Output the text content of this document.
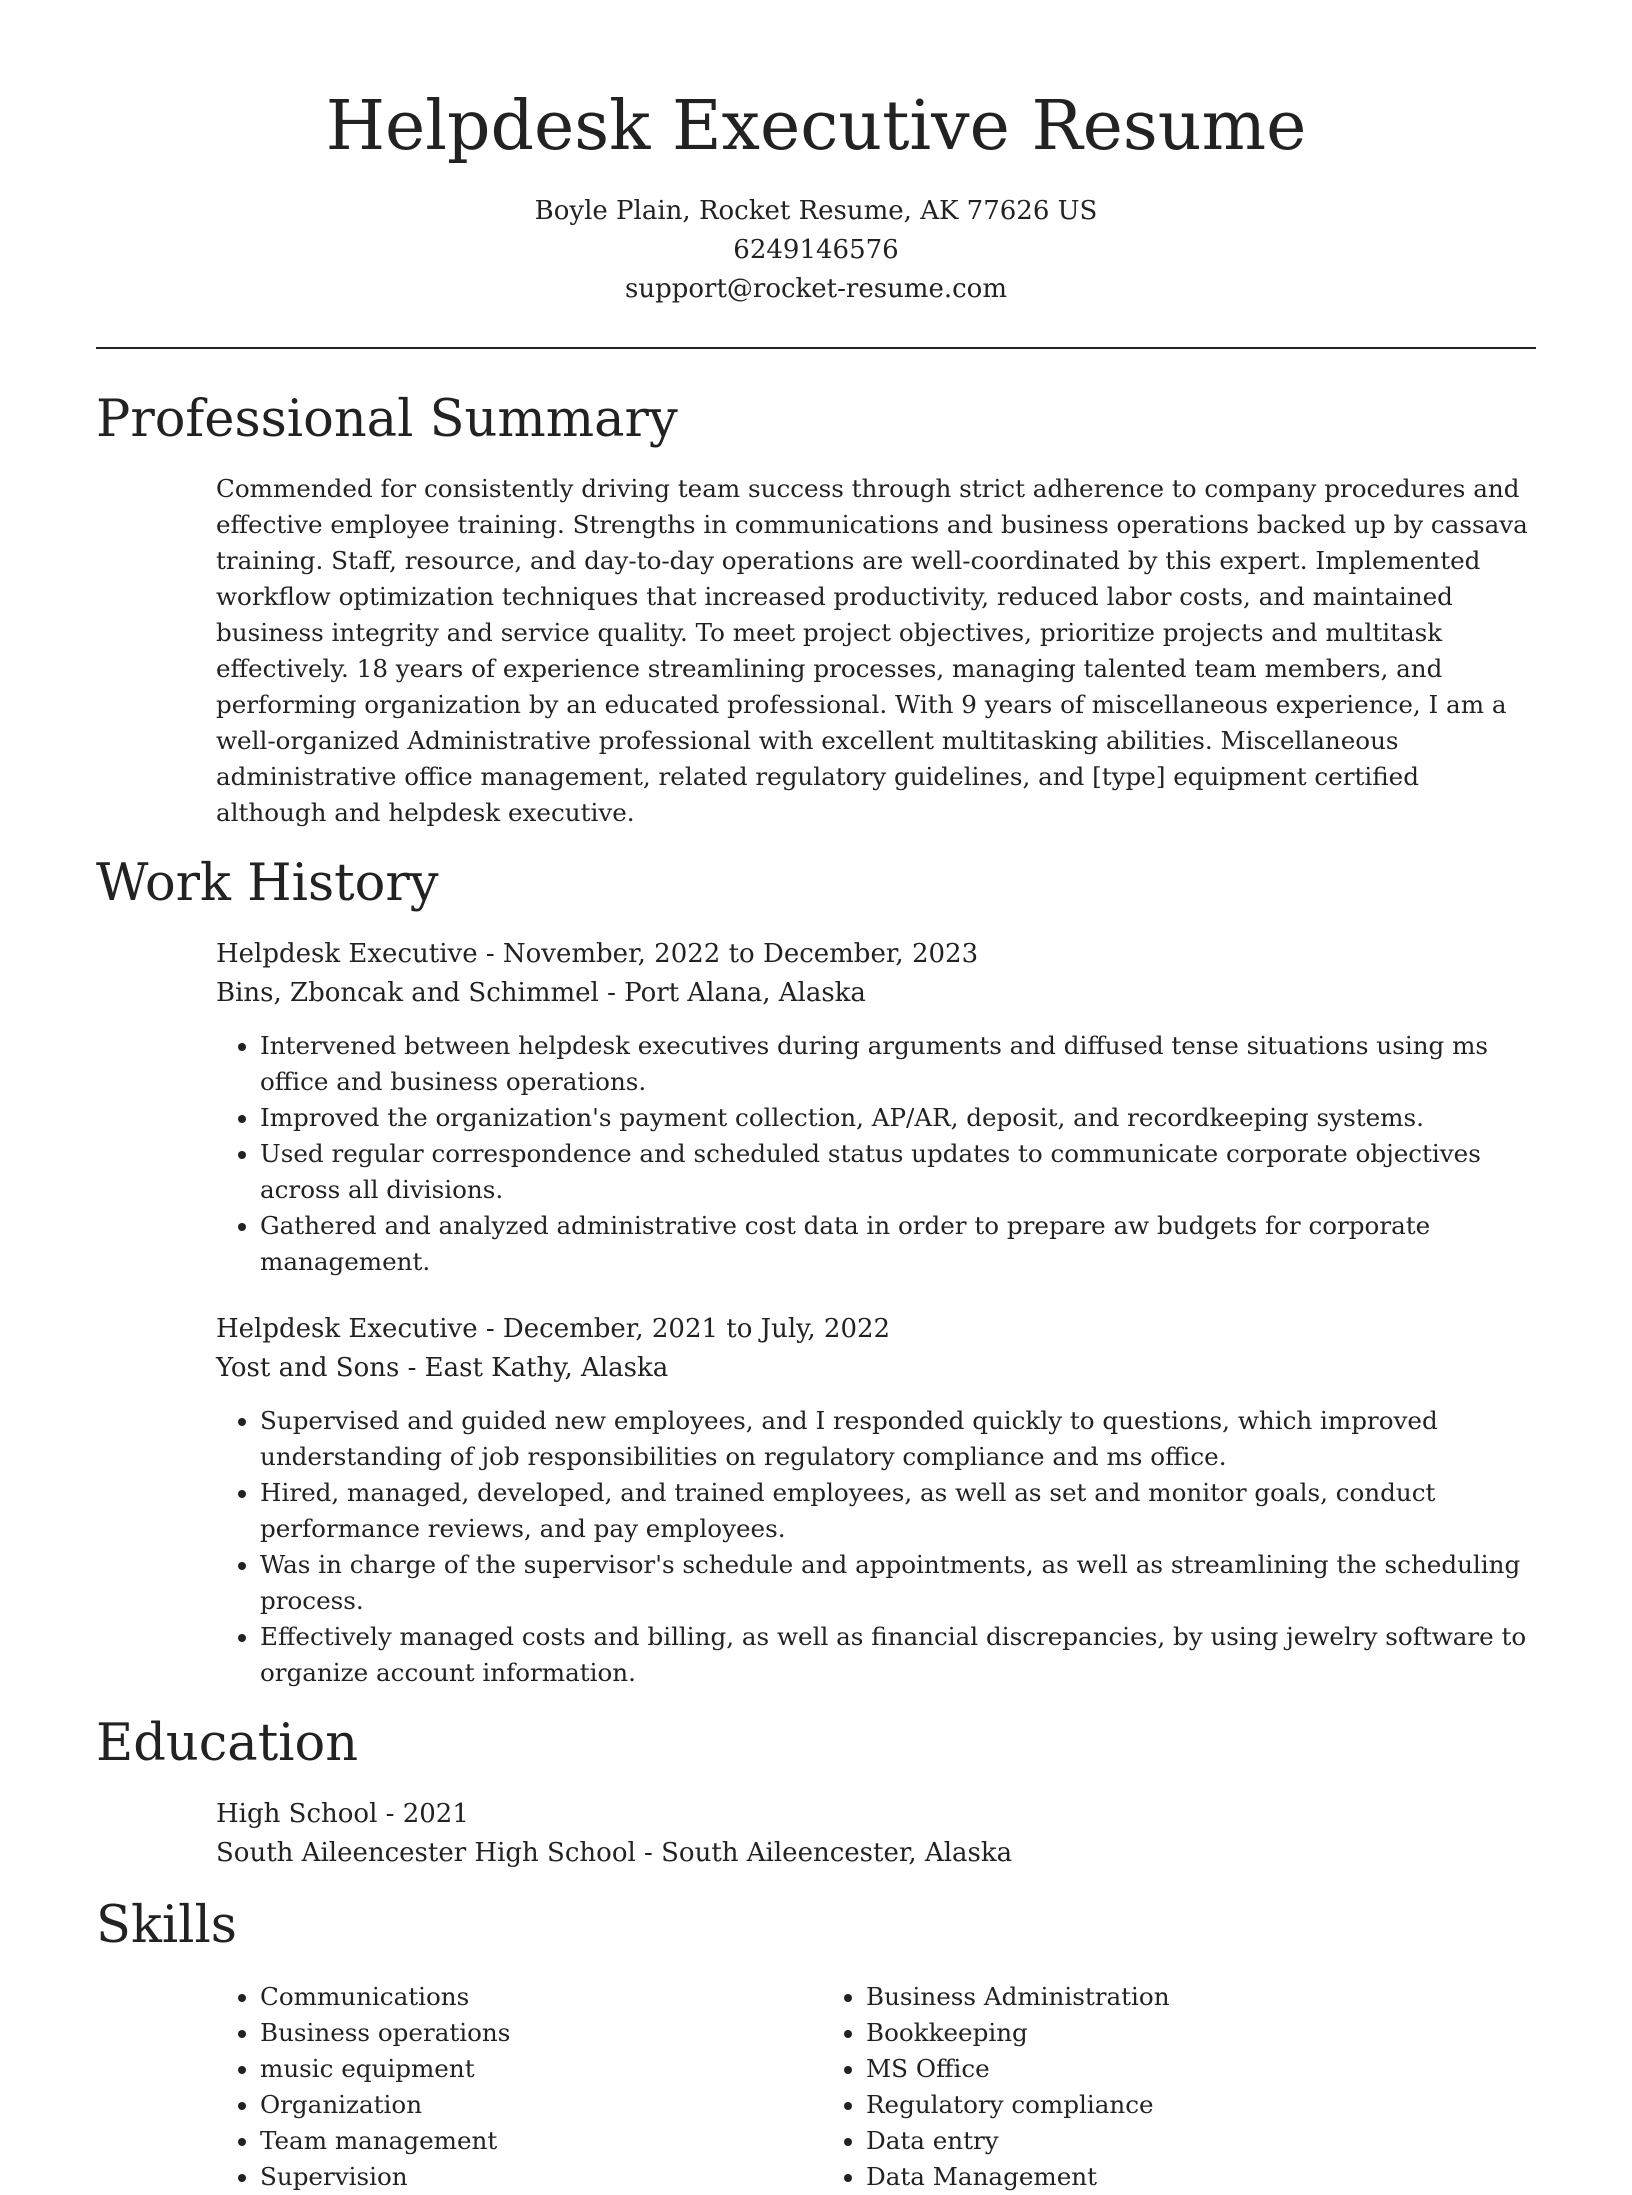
Helpdesk Executive Resume
Boyle Plain, Rocket Resume, AK 77626 US
6249146576
support@rocket-resume.com
Professional Summary

Commended for consistently driving team success through strict adherence to company procedures and effective employee training. Strengths in communications and business operations backed up by cassava training. Staff, resource, and day-to-day operations are well-coordinated by this expert. Implemented workflow optimization techniques that increased productivity, reduced labor costs, and maintained business integrity and service quality. To meet project objectives, prioritize projects and multitask effectively. 18 years of experience streamlining processes, managing talented team members, and performing organization by an educated professional. With 9 years of miscellaneous experience, I am a well-organized Administrative professional with excellent multitasking abilities. Miscellaneous administrative office management, related regulatory guidelines, and [type] equipment certified although and helpdesk executive.

Work History
Helpdesk Executive - November, 2022 to December, 2023
Bins, Zboncak and Schimmel - Port Alana, Alaska
• Intervened between helpdesk executives during arguments and diffused tense situations using ms office and business operations.
• Improved the organization's payment collection, AP/AR, deposit, and recordkeeping systems.
• Used regular correspondence and scheduled status updates to communicate corporate objectives across all divisions.
• Gathered and analyzed administrative cost data in order to prepare aw budgets for corporate management.
Helpdesk Executive - December, 2021 to July, 2022
Yost and Sons - East Kathy, Alaska
• Supervised and guided new employees, and I responded quickly to questions, which improved understanding of job responsibilities on regulatory compliance and ms office.
• Hired, managed, developed, and trained employees, as well as set and monitor goals, conduct performance reviews, and pay employees.
• Was in charge of the supervisor's schedule and appointments, as well as streamlining the scheduling process.
• Effectively managed costs and billing, as well as financial discrepancies, by using jewelry software to organize account information.
Education
High School - 2021
South Aileencester High School - South Aileencester, Alaska
Skills
• Communications
• Business operations
• music equipment
• Organization
• Team management
• Supervision
• Business Administration
• Bookkeeping
• MS Office
• Regulatory compliance
• Data entry
• Data Management
